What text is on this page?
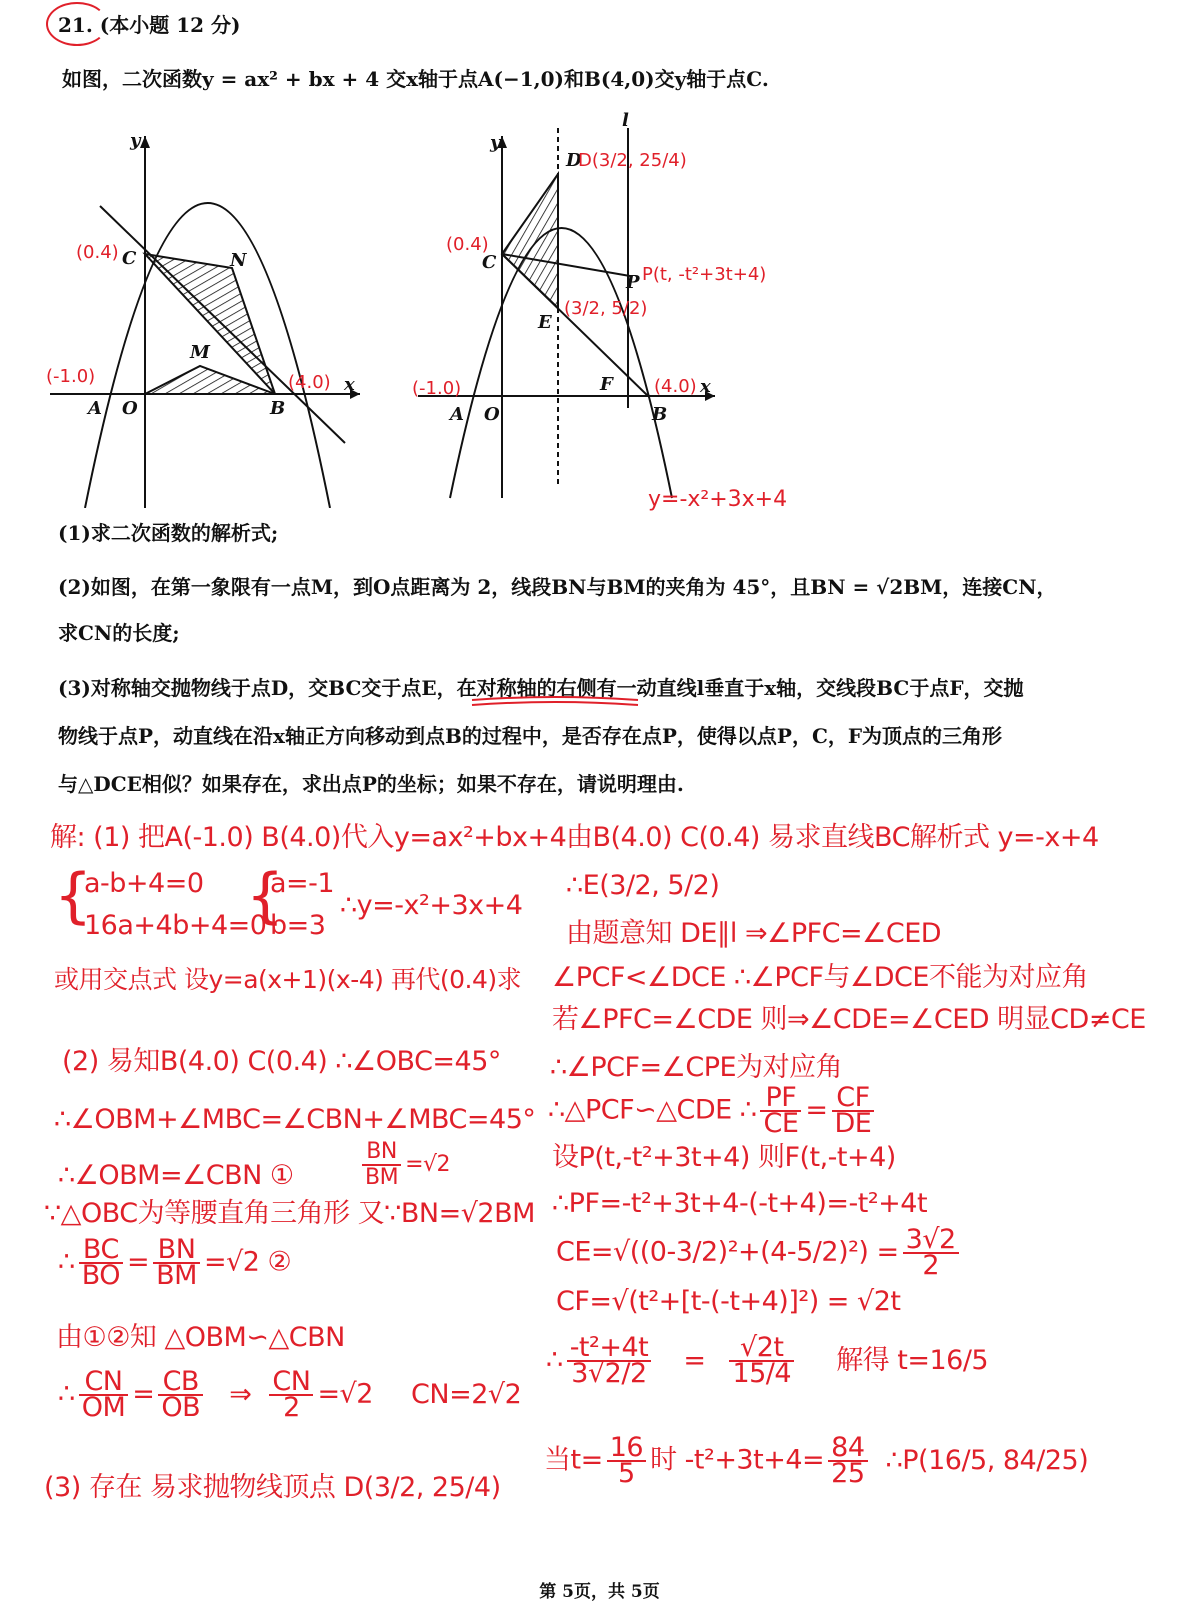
21. (本小题 12 分)
如图，二次函数y = ax² + bx + 4 交x轴于点A(−1,0)和B(4,0)交y轴于点C.
y
x
A O	B
C
M
N
(0.4)
(-1.0)	(4.0)
y
x
l
A O	B
C
D
E
F
P
D(3/2, 25/4)
(0.4)
P(t, -t²+3t+4)
(3/2, 5/2)
(-1.0)	(4.0)
y=-x²+3x+4
(1)求二次函数的解析式;
(2)如图，在第一象限有一点M，到O点距离为 2，线段BN与BM的夹角为 45°，且BN = √2BM，连接CN，
求CN的长度;
(3)对称轴交抛物线于点D，交BC交于点E，在对称轴的右侧有一动直线l垂直于x轴，交线段BC于点F，交抛
物线于点P，动直线在沿x轴正方向移动到点B的过程中，是否存在点P，使得以点P，C，F为顶点的三角形
与△DCE相似？如果存在，求出点P的坐标；如果不存在，请说明理由.
解: (1) 把A(-1.0) B(4.0)代入y=ax²+bx+4
{
a-b+4=0
16a+4b+4=0
{
a=-1
b=3
∴y=-x²+3x+4
或用交点式 设y=a(x+1)(x-4) 再代(0.4)求
(2) 易知B(4.0) C(0.4) ∴∠OBC=45°
∴∠OBM+∠MBC=∠CBN+∠MBC=45°
∴∠OBM=∠CBN ①	$\frac{BN}{BM} =√2$
∵△OBC为等腰直角三角形 又∵BN=√2BM
∴ $\frac{BC}{BO} = \frac{BN}{BM} =√2$ ②
由①②知 △OBM∽△CBN
∴ $\frac{CN}{OM} = \frac{CB}{OB}$ ⇒ $\frac{CN}{2} =√2$ CN=2√2
(3) 存在 易求抛物线顶点 D(3/2, 25/4)
由B(4.0) C(0.4) 易求直线BC解析式 y=-x+4
∴E(3/2, 5/2)
由题意知 DE∥l ⇒∠PFC=∠CED
∠PCF<∠DCE ∴∠PCF与∠DCE不能为对应角
若∠PFC=∠CDE 则⇒∠CDE=∠CED 明显CD≠CE
∴∠PCF=∠CPE为对应角
∴△PCF∽△CDE ∴ $\frac{PF}{CE} = \frac{CF}{DE}$
设P(t,-t²+3t+4) 则F(t,-t+4)
∴PF=-t²+3t+4-(-t+4)=-t²+4t
$CE=√((0-3/2)^2+(4-5/2)^2) = \frac{3√2}{2}$
CF=√(t²+[t-(-t+4)]²) = √2t
∴ $\frac{\text{-t²+4t}}{3√2/2} = \frac{√2t}{15/4}$ 解得 t=16/5
当$t= \frac{16}{5}$ 时 $-t^2+3t+4= \frac{84}{25}$ ∴P(16/5, 84/25)
第 5页，共 5页
